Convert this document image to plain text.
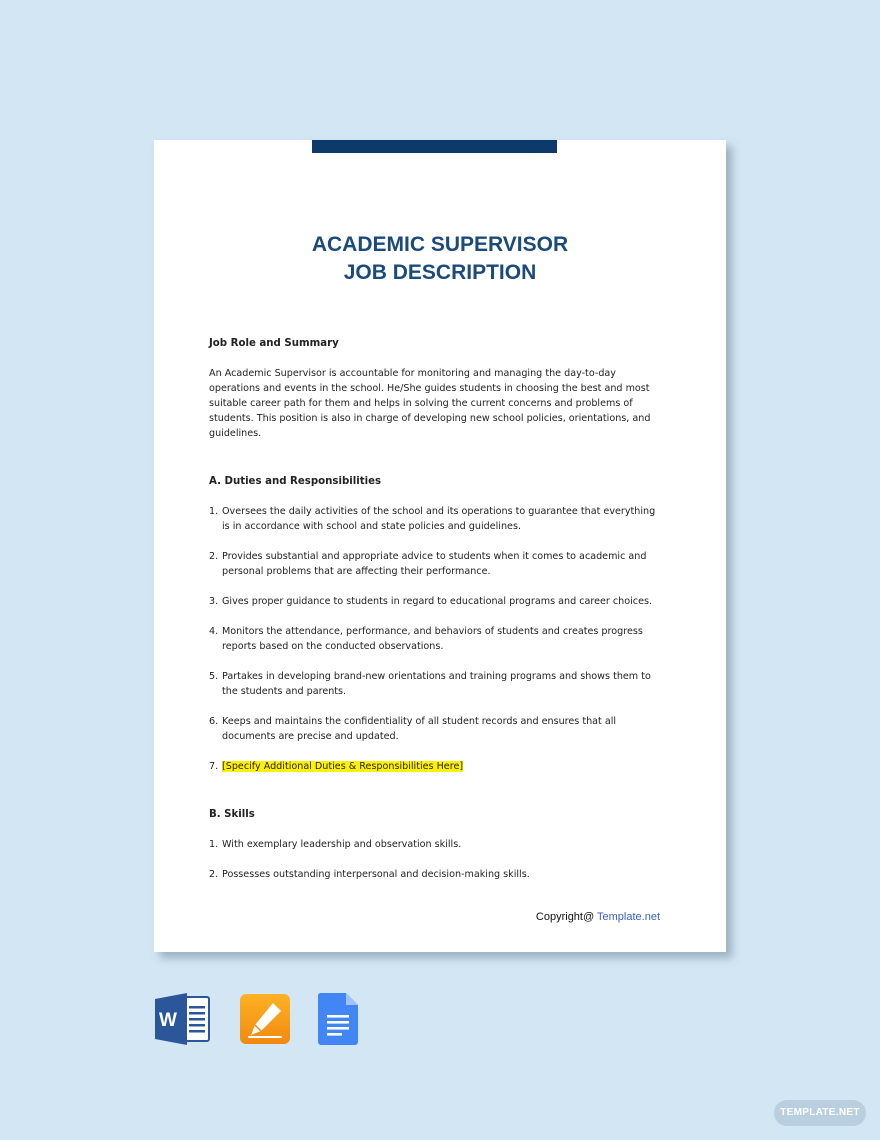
ACADEMIC SUPERVISOR
JOB DESCRIPTION

Job Role and Summary

An Academic Supervisor is accountable for monitoring and managing the day-to-day operations and events in the school. He/She guides students in choosing the best and most suitable career path for them and helps in solving the current concerns and problems of students. This position is also in charge of developing new school policies, orientations, and guidelines.

A. Duties and Responsibilities

1. Oversees the daily activities of the school and its operations to guarantee that everything is in accordance with school and state policies and guidelines.
2. Provides substantial and appropriate advice to students when it comes to academic and personal problems that are affecting their performance.
3. Gives proper guidance to students in regard to educational programs and career choices.
4. Monitors the attendance, performance, and behaviors of students and creates progress reports based on the conducted observations.
5. Partakes in developing brand-new orientations and training programs and shows them to the students and parents.
6. Keeps and maintains the confidentiality of all student records and ensures that all documents are precise and updated.
7. [Specify Additional Duties & Responsibilities Here]

B. Skills

1. With exemplary leadership and observation skills.
2. Possesses outstanding interpersonal and decision-making skills.
Copyright@ Template.net
W
TEMPLATE.NET
